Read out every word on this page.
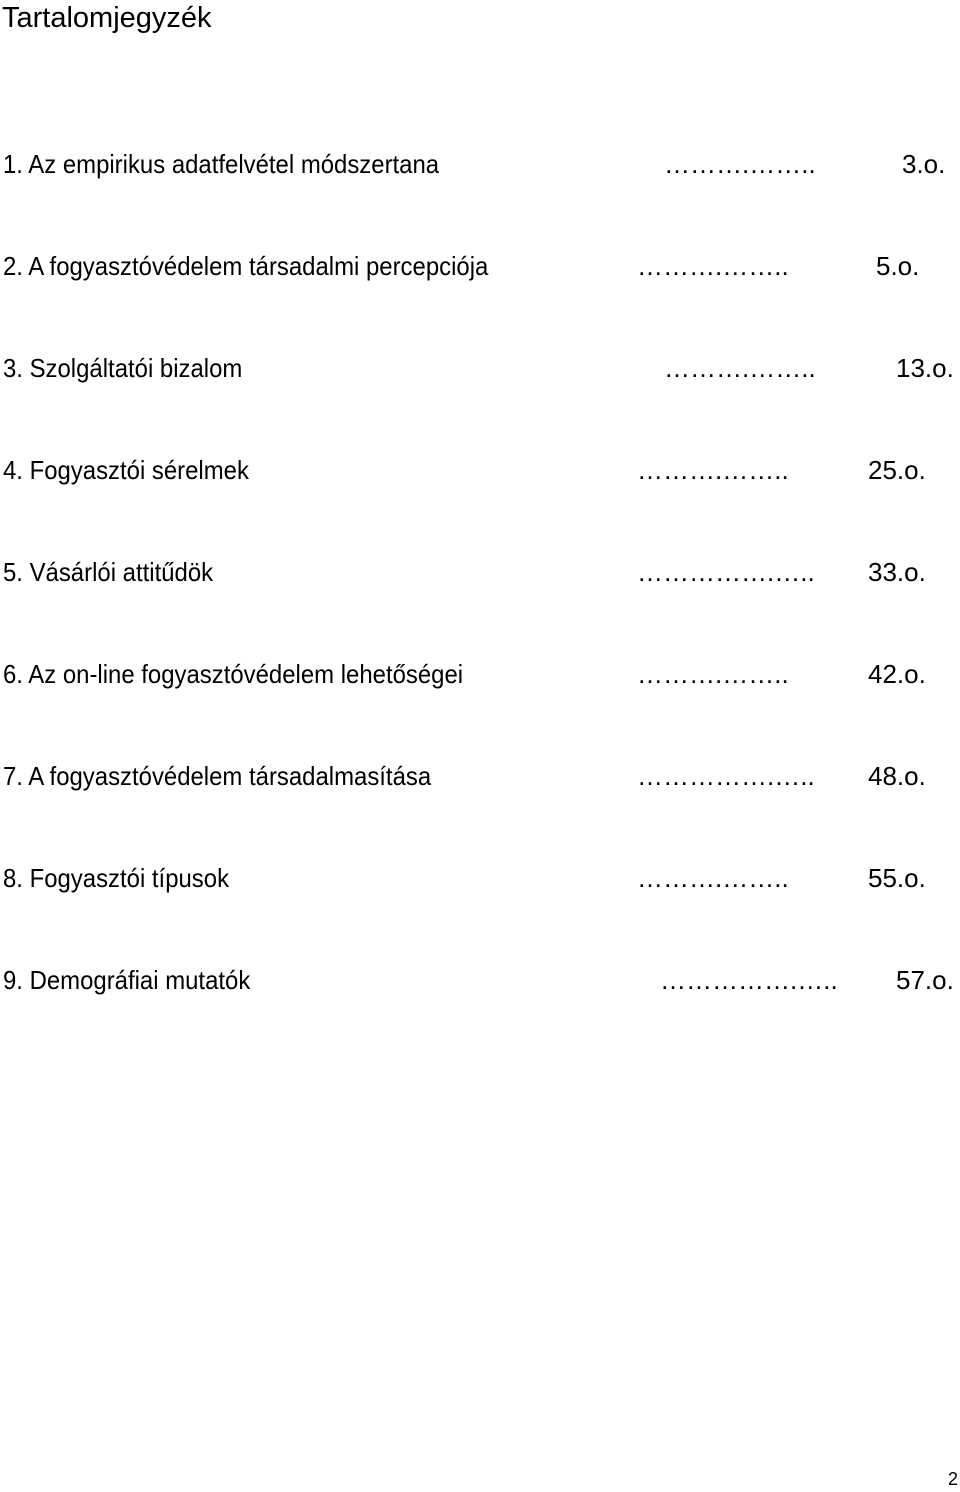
Tartalomjegyzék
1. Az empirikus adatfelvétel módszertana	……….……..	3.o.
2. A fogyasztóvédelem társadalmi percepciója	……….……..	5.o.
3. Szolgáltatói bizalom	……….……..	13.o.
4. Fogyasztói sérelmek	……….……..	25.o.
5. Vásárlói attitűdök	…………….….. 33.o.
6. Az on-line fogyasztóvédelem lehetőségei	……….……..	42.o.
7. A fogyasztóvédelem társadalmasítása	…………….….. 48.o.
8. Fogyasztói típusok	……….……..	55.o.
9. Demográfiai mutatók	…………….….. 57.o.
2
